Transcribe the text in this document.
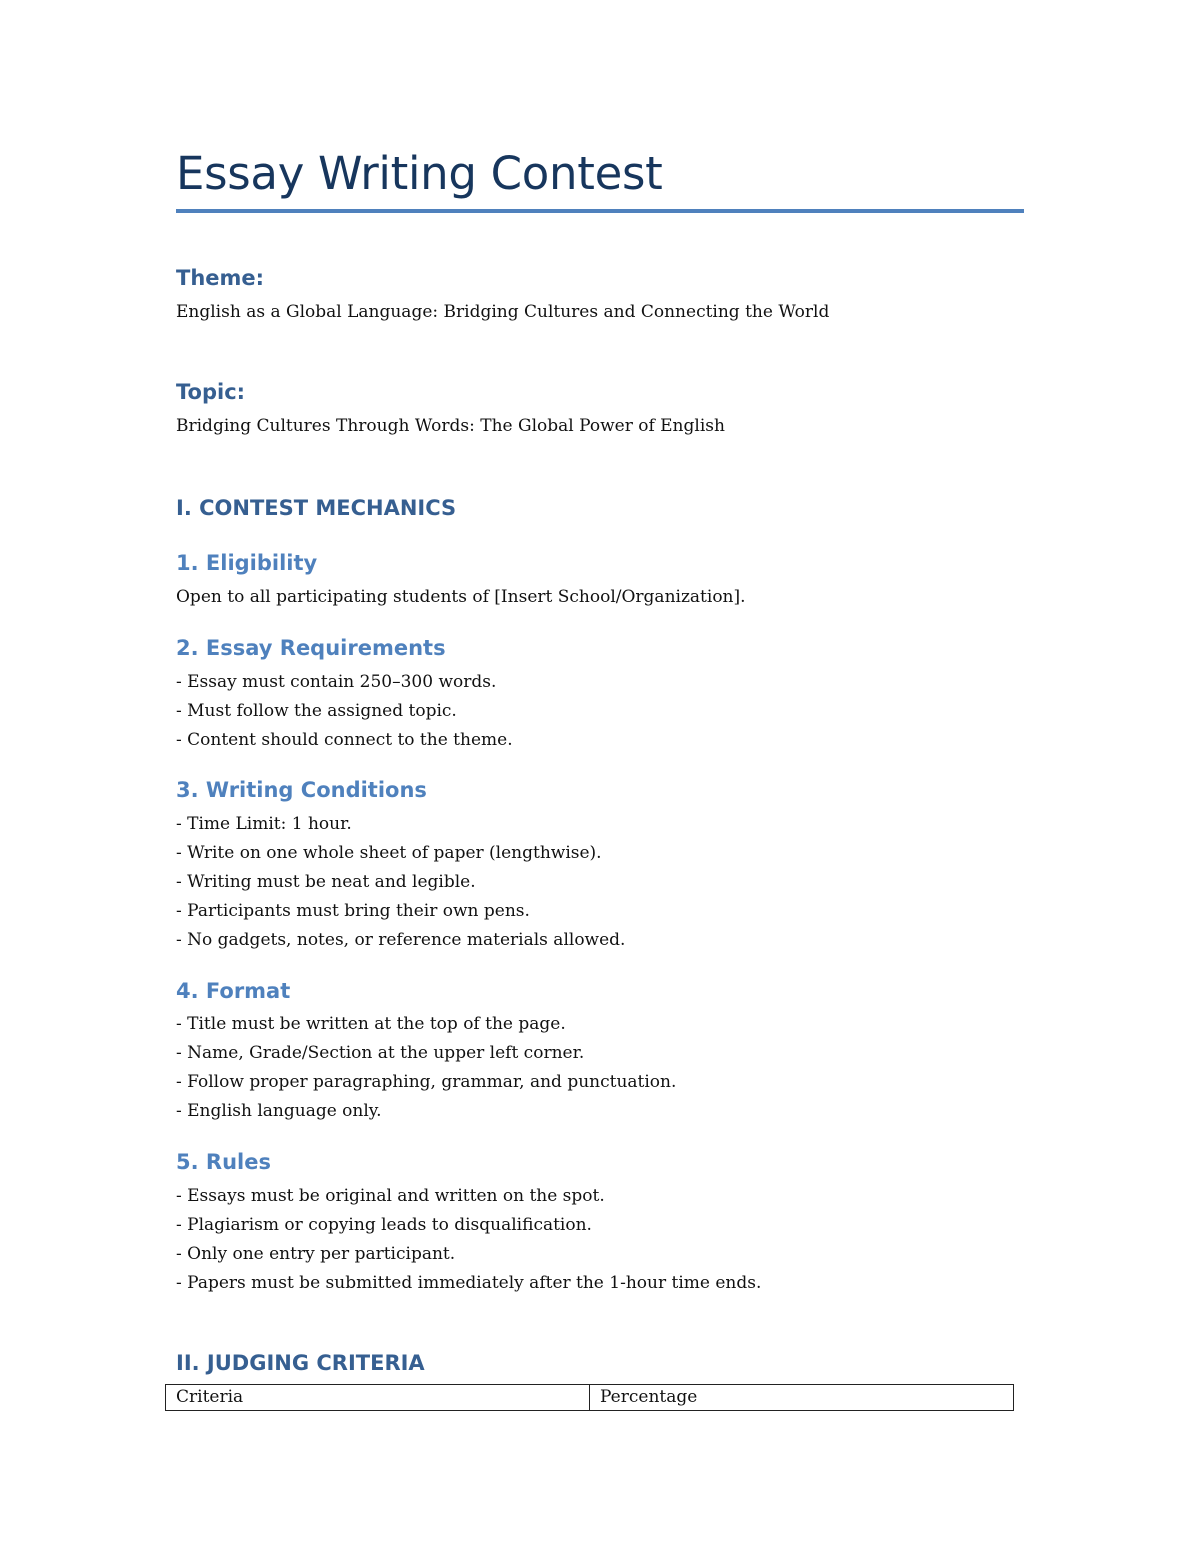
Essay Writing Contest
Theme:
English as a Global Language: Bridging Cultures and Connecting the World
Topic:
Bridging Cultures Through Words: The Global Power of English
I. CONTEST MECHANICS
1. Eligibility
Open to all participating students of [Insert School/Organization].
2. Essay Requirements
- Essay must contain 250–300 words.
- Must follow the assigned topic.
- Content should connect to the theme.
3. Writing Conditions
- Time Limit: 1 hour.
- Write on one whole sheet of paper (lengthwise).
- Writing must be neat and legible.
- Participants must bring their own pens.
- No gadgets, notes, or reference materials allowed.
4. Format
- Title must be written at the top of the page.
- Name, Grade/Section at the upper left corner.
- Follow proper paragraphing, grammar, and punctuation.
- English language only.
5. Rules
- Essays must be original and written on the spot.
- Plagiarism or copying leads to disqualification.
- Only one entry per participant.
- Papers must be submitted immediately after the 1-hour time ends.
II. JUDGING CRITERIA
Criteria	Percentage
